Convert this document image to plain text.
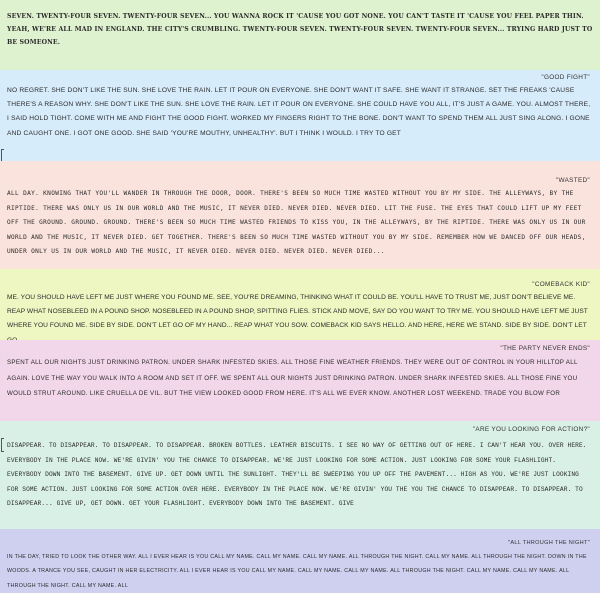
SEVEN. TWENTY-FOUR SEVEN. TWENTY-FOUR SEVEN... YOU WANNA ROCK IT 'CAUSE YOU GOT NONE. YOU CAN'T TASTE IT 'CAUSE YOU FEEL PAPER THIN. YEAH, WE'RE ALL MAD IN ENGLAND. THE CITY'S CRUMBLING. TWENTY-FOUR SEVEN. TWENTY-FOUR SEVEN. TWENTY-FOUR SEVEN... TRYING HARD JUST TO BE SOMEONE.
"GOOD FIGHT"
NO REGRET. SHE DON'T LIKE THE SUN. SHE LOVE THE RAIN. LET IT POUR ON EVERYONE. SHE DON'T WANT IT SAFE. SHE WANT IT STRANGE. SET THE FREAKS 'CAUSE THERE'S A REASON WHY. SHE DON'T LIKE THE SUN. SHE LOVE THE RAIN. LET IT POUR ON EVERYONE. SHE COULD HAVE YOU ALL, IT'S JUST A GAME. YOU. ALMOST THERE, I SAID HOLD TIGHT. COME WITH ME AND FIGHT THE GOOD FIGHT. WORKED MY FINGERS RIGHT TO THE BONE. DON'T WANT TO SPEND THEM ALL JUST SING ALONG. I GONE AND CAUGHT ONE. I GOT ONE GOOD. SHE SAID 'YOU'RE MOUTHY, UNHEALTHY'. BUT I THINK I WOULD. I TRY TO GET
"WASTED"
ALL DAY. KNOWING THAT YOU'LL WANDER IN THROUGH THE DOOR, DOOR. THERE'S BEEN SO MUCH TIME WASTED WITHOUT YOU BY MY SIDE. THE ALLEYWAYS, BY THE RIPTIDE. THERE WAS ONLY US IN OUR WORLD AND THE MUSIC, IT NEVER DIED. NEVER DIED. NEVER DIED. LIT THE FUSE. THE EYES THAT COULD LIFT UP MY FEET OFF THE GROUND. GROUND. GROUND. THERE'S BEEN SO MUCH TIME WASTED FRIENDS TO KISS YOU, IN THE ALLEYWAYS, BY THE RIPTIDE. THERE WAS ONLY US IN OUR WORLD AND THE MUSIC, IT NEVER DIED. GET TOGETHER. THERE'S BEEN SO MUCH TIME WASTED WITHOUT YOU BY MY SIDE. REMEMBER HOW WE DANCED OFF OUR HEADS, UNDER ONLY US IN OUR WORLD AND THE MUSIC, IT NEVER DIED. NEVER DIED. NEVER DIED. NEVER DIED...
"COMEBACK KID"
ME. YOU SHOULD HAVE LEFT ME JUST WHERE YOU FOUND ME. SEE, YOU'RE DREAMING, THINKING WHAT IT COULD BE. YOU'LL HAVE TO TRUST ME, JUST DON'T BELIEVE ME. REAP WHAT NOSEBLEED IN A POUND SHOP. NOSEBLEED IN A POUND SHOP, SPITTING FLIES. STICK AND MOVE, SAY DO YOU WANT TO TRY ME. YOU SHOULD HAVE LEFT ME JUST WHERE YOU FOUND ME. SIDE BY SIDE. DON'T LET GO OF MY HAND... REAP WHAT YOU SOW. COMEBACK KID SAYS HELLO. AND HERE, HERE WE STAND. SIDE BY SIDE. DON'T LET
"THE PARTY NEVER ENDS"
SPENT ALL OUR NIGHTS JUST DRINKING PATRON. UNDER SHARK INFESTED SKIES. ALL THOSE FINE WEATHER FRIENDS. THEY WERE OUT OF CONTROL IN YOUR HILLTOP ALL AGAIN. LOVE THE WAY YOU WALK INTO A ROOM AND SET IT OFF. WE SPENT ALL OUR NIGHTS JUST DRINKING PATRON. UNDER SHARK INFESTED SKIES. ALL THOSE FINE YOU WOULD STRUT AROUND. LIKE CRUELLA DE VIL. BUT THE VIEW LOOKED GOOD FROM HERE. IT'S ALL WE EVER KNOW. ANOTHER LOST WEEKEND. TRADE YOU BLOW FOR
"ARE YOU LOOKING FOR ACTION?"
DISAPPEAR. TO DISAPPEAR. TO DISAPPEAR. TO DISAPPEAR. BROKEN BOTTLES. LEATHER BISCUITS. I SEE NO WAY OF GETTING OUT OF HERE. I CAN'T HEAR YOU. OVER HERE. EVERYBODY IN THE PLACE NOW. WE'RE GIVIN' YOU THE CHANCE TO DISAPPEAR. WE'RE JUST LOOKING FOR SOME ACTION. JUST LOOKING FOR SOME YOUR FLASHLIGHT. EVERYBODY DOWN INTO THE BASEMENT. GIVE UP. GET DOWN UNTIL THE SUNLIGHT. THEY'LL BE SWEEPING YOU UP OFF THE PAVEMENT... HIGH AS YOU. WE'RE JUST LOOKING FOR SOME ACTION. JUST LOOKING FOR SOME ACTION OVER HERE. EVERYBODY IN THE PLACE NOW. WE'RE GIVIN' YOU THE YOU THE CHANCE TO DISAPPEAR. TO DISAPPEAR. TO DISAPPEAR... GIVE UP, GET DOWN. GET YOUR FLASHLIGHT. EVERYBODY DOWN INTO THE BASEMENT. GIVE
"ALL THROUGH THE NIGHT"
IN THE DAY, TRIED TO LOOK THE OTHER WAY. ALL I EVER HEAR IS YOU CALL MY NAME. CALL MY NAME. CALL MY NAME. ALL THROUGH THE NIGHT. CALL MY NAME. ALL THROUGH THE NIGHT. DOWN IN THE WOODS. A TRANCE YOU SEE, CAUGHT IN HER ELECTRICITY. ALL I EVER HEAR IS YOU CALL MY NAME. CALL MY NAME. CALL MY NAME. ALL THROUGH THE NIGHT. CALL MY NAME. CALL MY NAME. ALL THROUGH THE NIGHT. CALL MY NAME. ALL
